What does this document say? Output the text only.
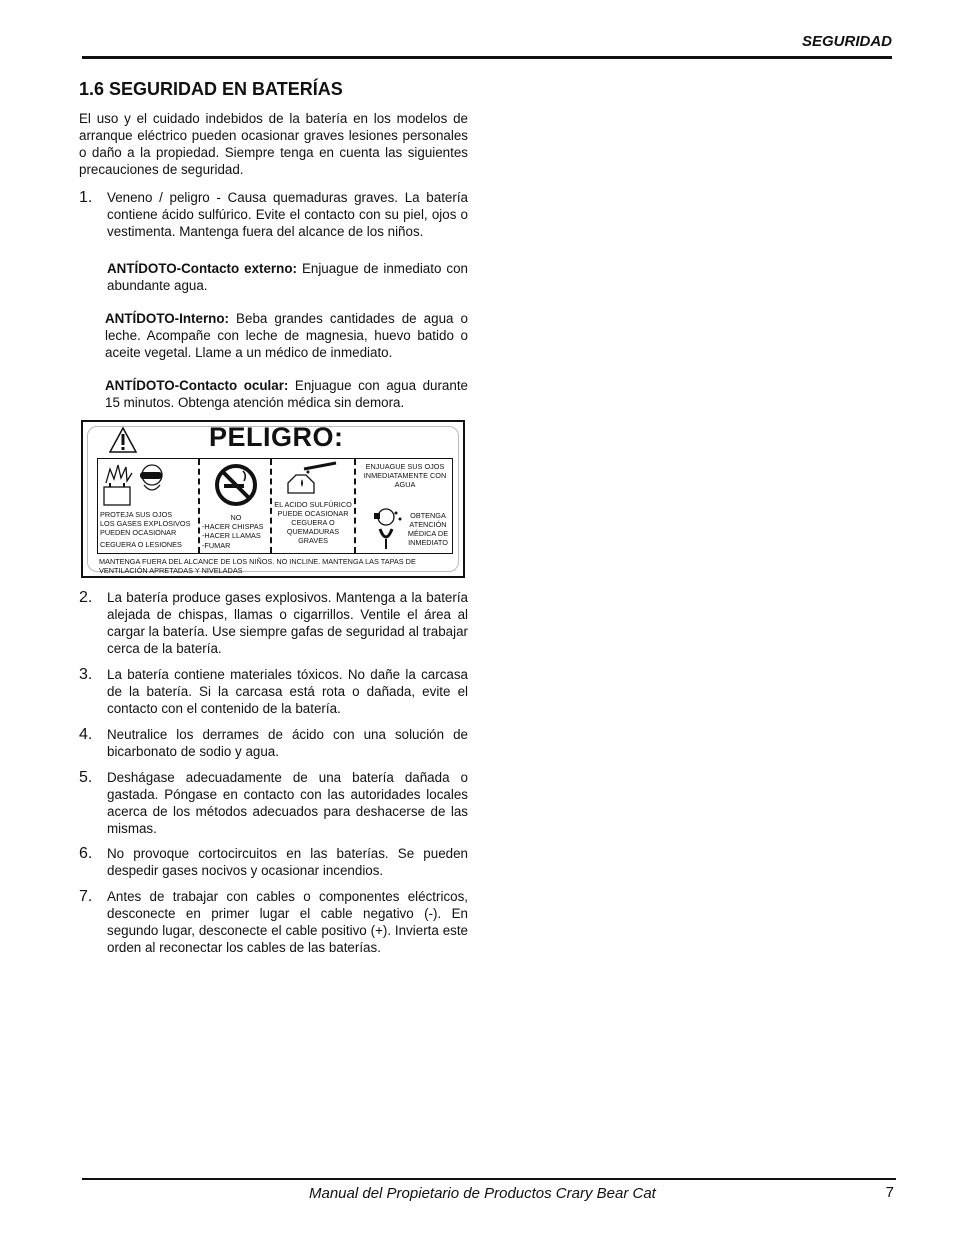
SEGURIDAD
1.6 SEGURIDAD EN BATERÍAS

El uso y el cuidado indebidos de la batería en los modelos de arranque eléctrico pueden ocasionar graves lesiones personales o daño a la propiedad. Siempre tenga en cuenta las siguientes precauciones de seguridad.

1. Veneno / peligro - Causa quemaduras graves. La batería contiene ácido sulfúrico. Evite el contacto con su piel, ojos o vestimenta. Mantenga fuera del alcance de los niños.

ANTÍDOTO-Contacto externo: Enjuague de inmediato con abundante agua.

ANTÍDOTO-Interno: Beba grandes cantidades de agua o leche. Acompañe con leche de magnesia, huevo batido o aceite vegetal. Llame a un médico de inmediato.

ANTÍDOTO-Contacto ocular: Enjuague con agua durante 15 minutos. Obtenga atención médica sin demora.

PELIGRO:
PROTEJA SUS OJOS
LOS GASES EXPLOSIVOS
PUEDEN OCASIONAR
CEGUERA O LESIONES
NO
-HACER CHISPAS
-HACER LLAMAS
-FUMAR
EL ACIDO SULFÚRICO PUEDE OCASIONAR CEGUERA O QUEMADURAS GRAVES
ENJUAGUE SUS OJOS INMEDIATAMENTE CON AGUA
OBTENGA ATENCIÓN MÉDICA DE INMEDIATO
MANTENGA FUERA DEL ALCANCE DE LOS NIÑOS. NO INCLINE. MANTENGA LAS TAPAS DE VENTILACIÓN APRETADAS Y NIVELADAS
2. La batería produce gases explosivos. Mantenga a la batería alejada de chispas, llamas o cigarrillos. Ventile el área al cargar la batería. Use siempre gafas de seguridad al trabajar cerca de la batería.

3. La batería contiene materiales tóxicos. No dañe la carcasa de la batería. Si la carcasa está rota o dañada, evite el contacto con el contenido de la batería.

4. Neutralice los derrames de ácido con una solución de bicarbonato de sodio y agua.

5. Deshágase adecuadamente de una batería dañada o gastada. Póngase en contacto con las autoridades locales acerca de los métodos adecuados para deshacerse de las mismas.

6. No provoque cortocircuitos en las baterías. Se pueden despedir gases nocivos y ocasionar incendios.

7. Antes de trabajar con cables o componentes eléctricos, desconecte en primer lugar el cable negativo (-). En segundo lugar, desconecte el cable positivo (+). Invierta este orden al reconectar los cables de las baterías.

Manual del Propietario de Productos Crary Bear Cat	7
